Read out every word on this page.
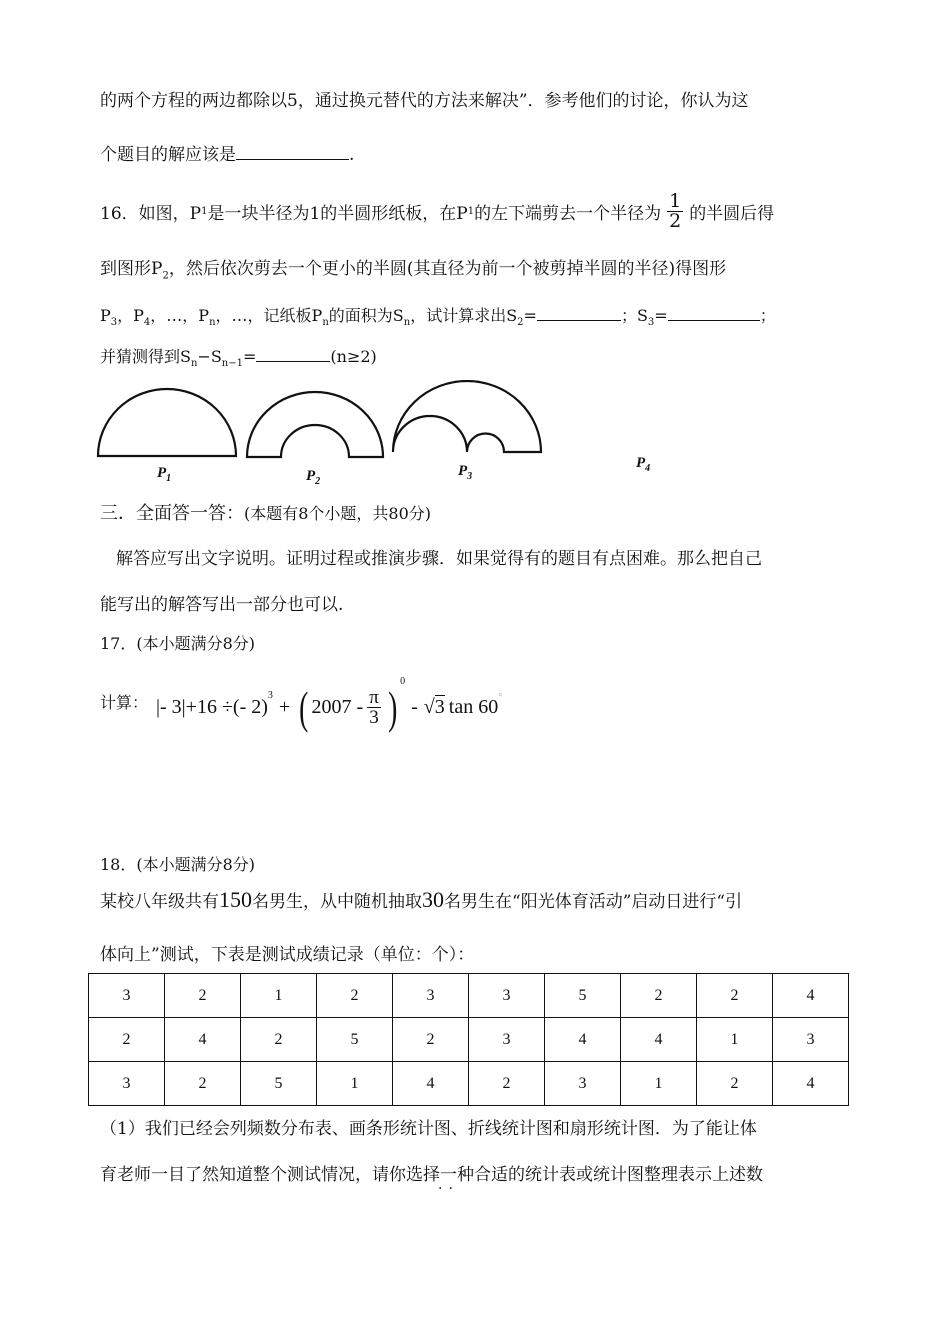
的两个方程的两边都除以5，通过换元替代的方法来解决”．参考他们的讨论，你认为这
个题目的解应该是	.
16．如图，P 1 是一块半径为1的半圆形纸板，在P 1 的左下端剪去一个半径为 $\frac{1}{2}$ 的半圆后得
到图形$P_2$，然后依次剪去一个更小的半圆(其直径为前一个被剪掉半圆的半径)得图形
$P_3$，$P_4$，…，$P_n$，…，记纸板$P_n$的面积为$S_n$，试计算求出$S_2=$	；$S_3=$	；
并猜测得到$S_n-S_{n-1}=$	(n≥2)
$P_1$	$P_2$
$P_3$
$P_4$
三．全面答一答：(本题有8个小题，共80分)
解答应写出文字说明。证明过程或推演步骤．如果觉得有的题目有点困难。那么把自己
能写出的解答写出一部分也可以.
17．(本小题满分8分)
计算： |- 3|+16 ÷(- 2)$^3$ + ( $2007 - \frac{\pi}{3}$ ) $^0$
- √ 3 tan 60°
18．(本小题满分8分)
某校八年级共有150名男生，从中随机抽取30名男生在“阳光体育活动”启动日进行“引
体向上”测试，下表是测试成绩记录（单位：个）：
3	2	1	2	3	3	5	2	2	4
2	4	2	5	2	3	4	4	1	3
3	2	5	1	4	2	3	1	2	4
（1）我们已经会列频数分布表、画条形统计图、折线统计图和扇形统计图．为了能让体
育老师一目了然知道整个测试情况，请你选择一
··
种合适的统计表或统计图整理表示上述数
